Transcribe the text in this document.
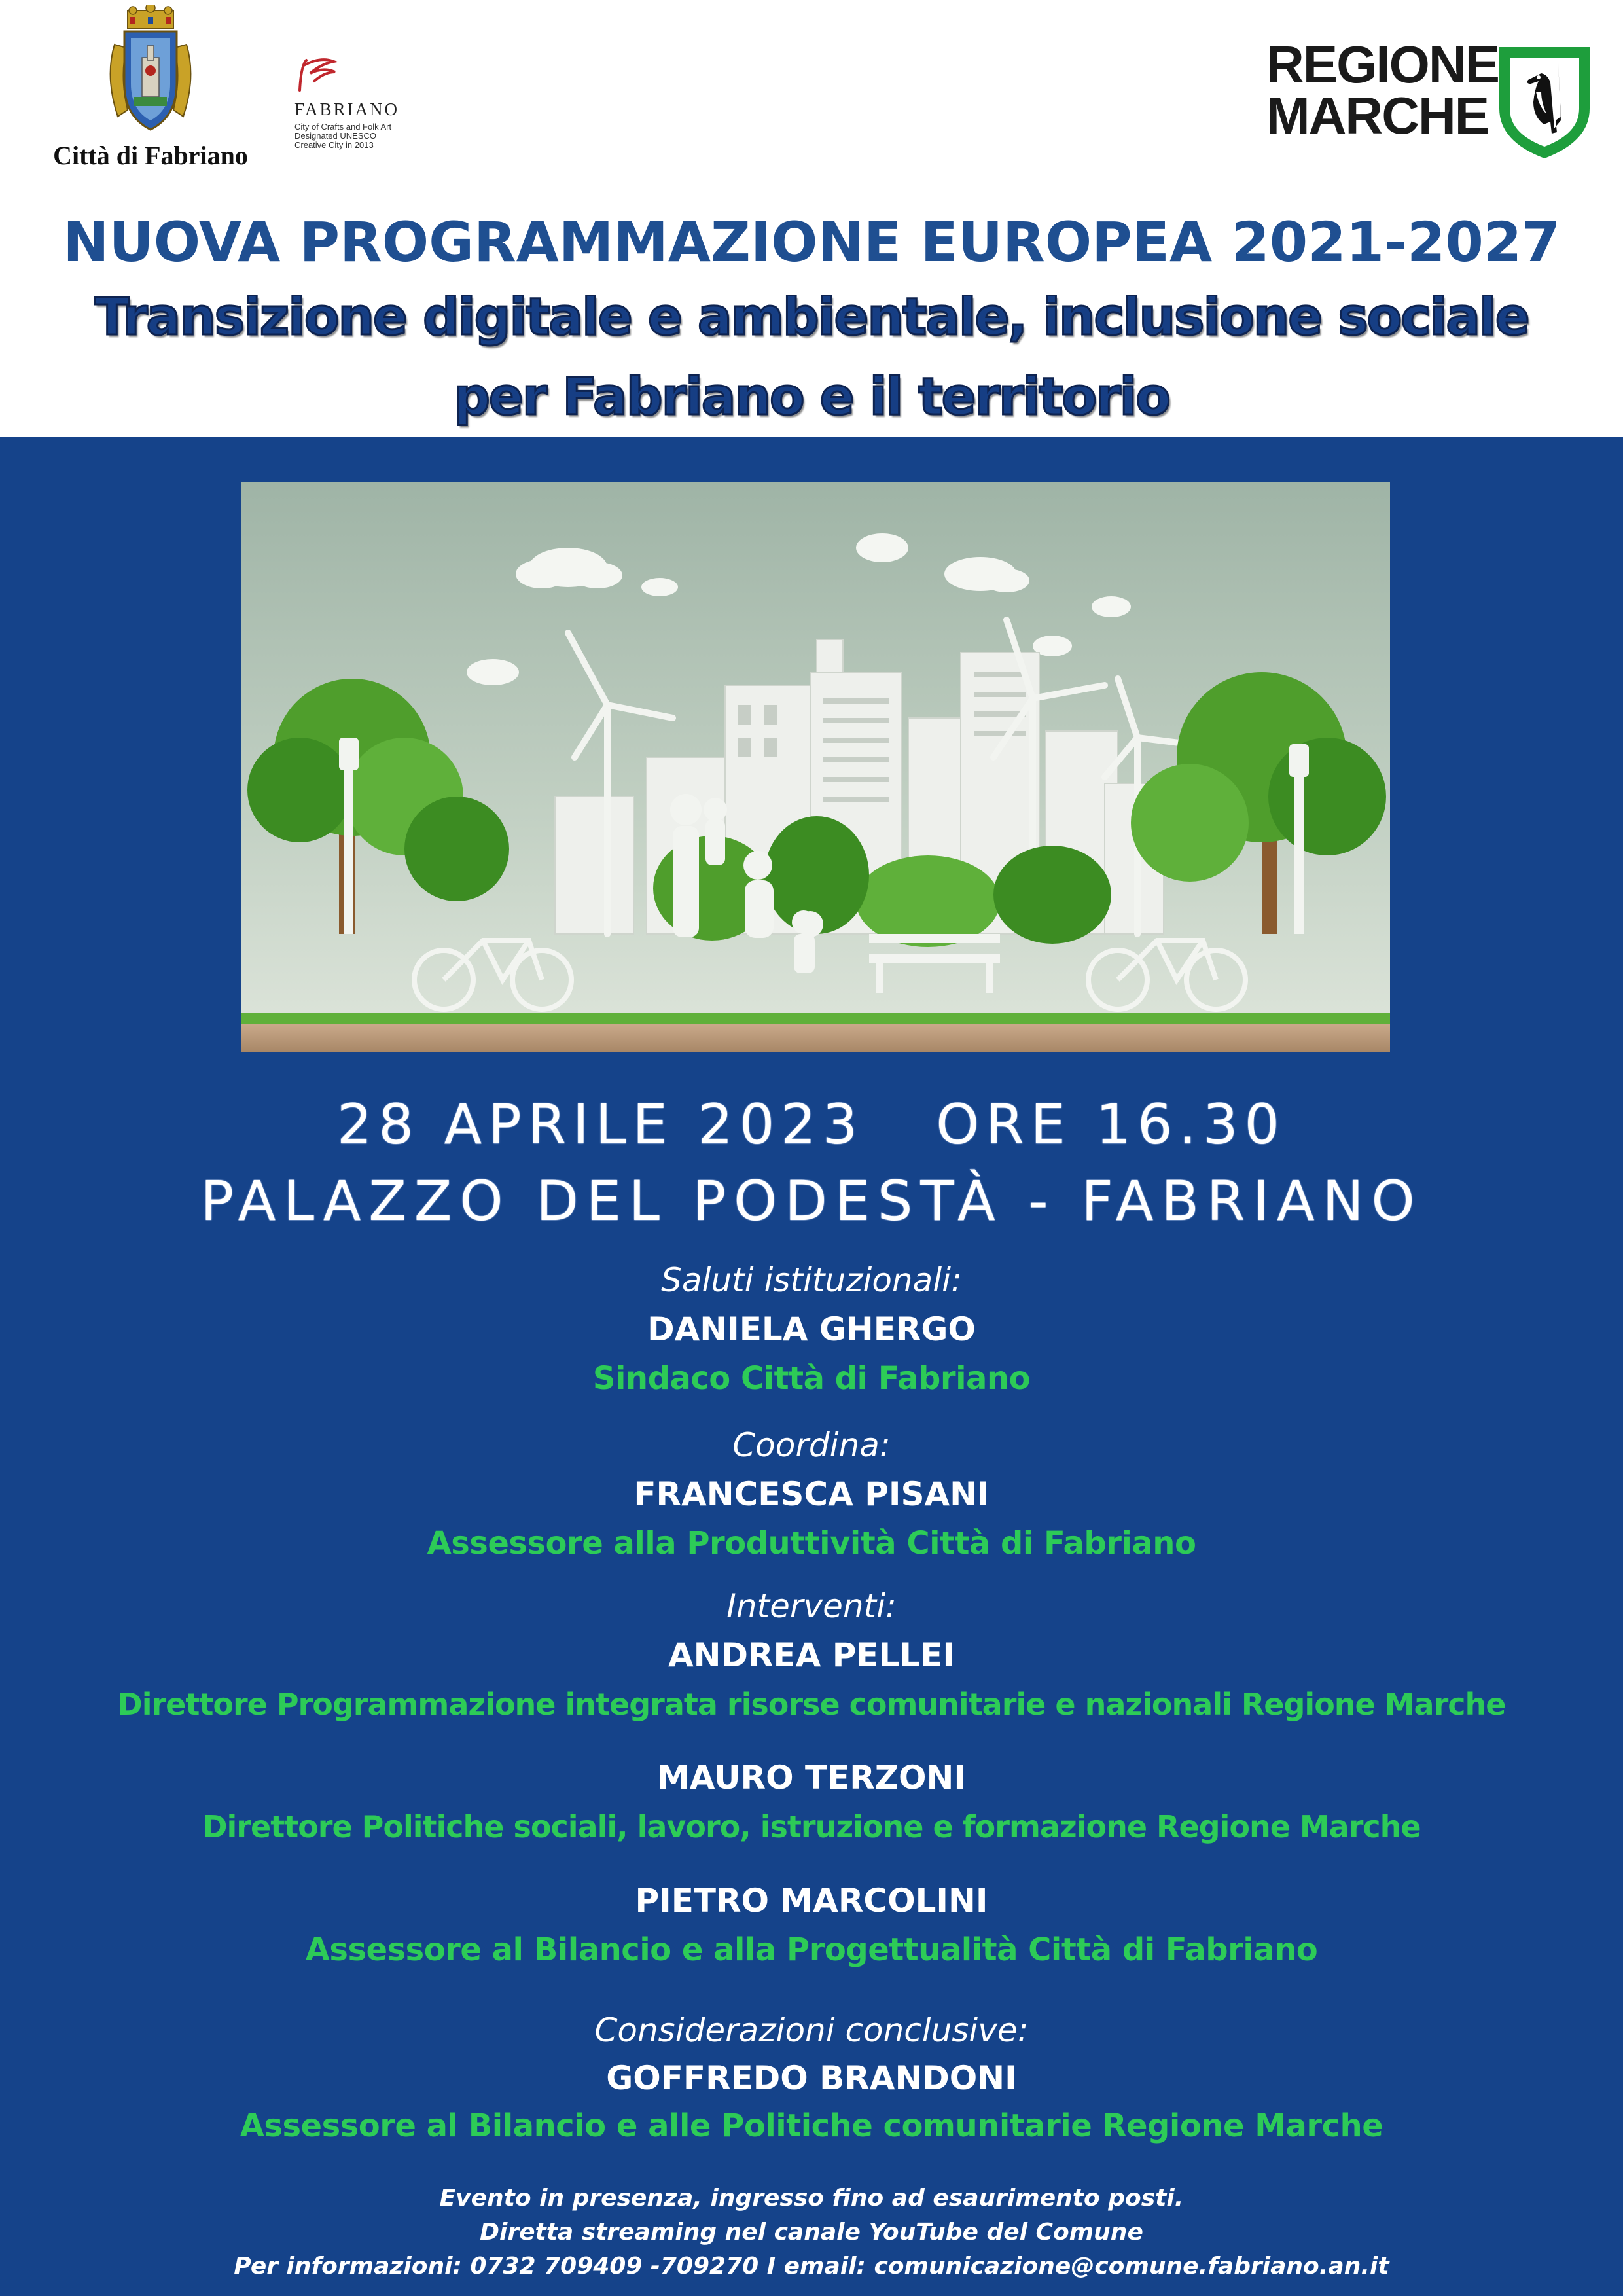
Città di Fabriano
FABRIANO
City of Crafts and Folk Art
Designated UNESCO
Creative City in 2013
REGIONE
MARCHE
NUOVA PROGRAMMAZIONE EUROPEA 2021-2027
Transizione digitale e ambientale, inclusione sociale
per Fabriano e il territorio
28 APRILE 2023   ORE 16.30
PALAZZO DEL PODESTÀ - FABRIANO
Saluti istituzionali:
DANIELA GHERGO
Sindaco Città di Fabriano
Coordina:
FRANCESCA PISANI
Assessore alla Produttività Città di Fabriano
Interventi:
ANDREA PELLEI
Direttore Programmazione integrata risorse comunitarie e nazionali Regione Marche
MAURO TERZONI
Direttore Politiche sociali, lavoro, istruzione e formazione Regione Marche
PIETRO MARCOLINI
Assessore al Bilancio e alla Progettualità Città di Fabriano
Considerazioni conclusive:
GOFFREDO BRANDONI
Assessore al Bilancio e alle Politiche comunitarie Regione Marche
Evento in presenza, ingresso fino ad esaurimento posti.
Diretta streaming nel canale YouTube del Comune
Per informazioni: 0732 709409 -709270 I email: comunicazione@comune.fabriano.an.it
